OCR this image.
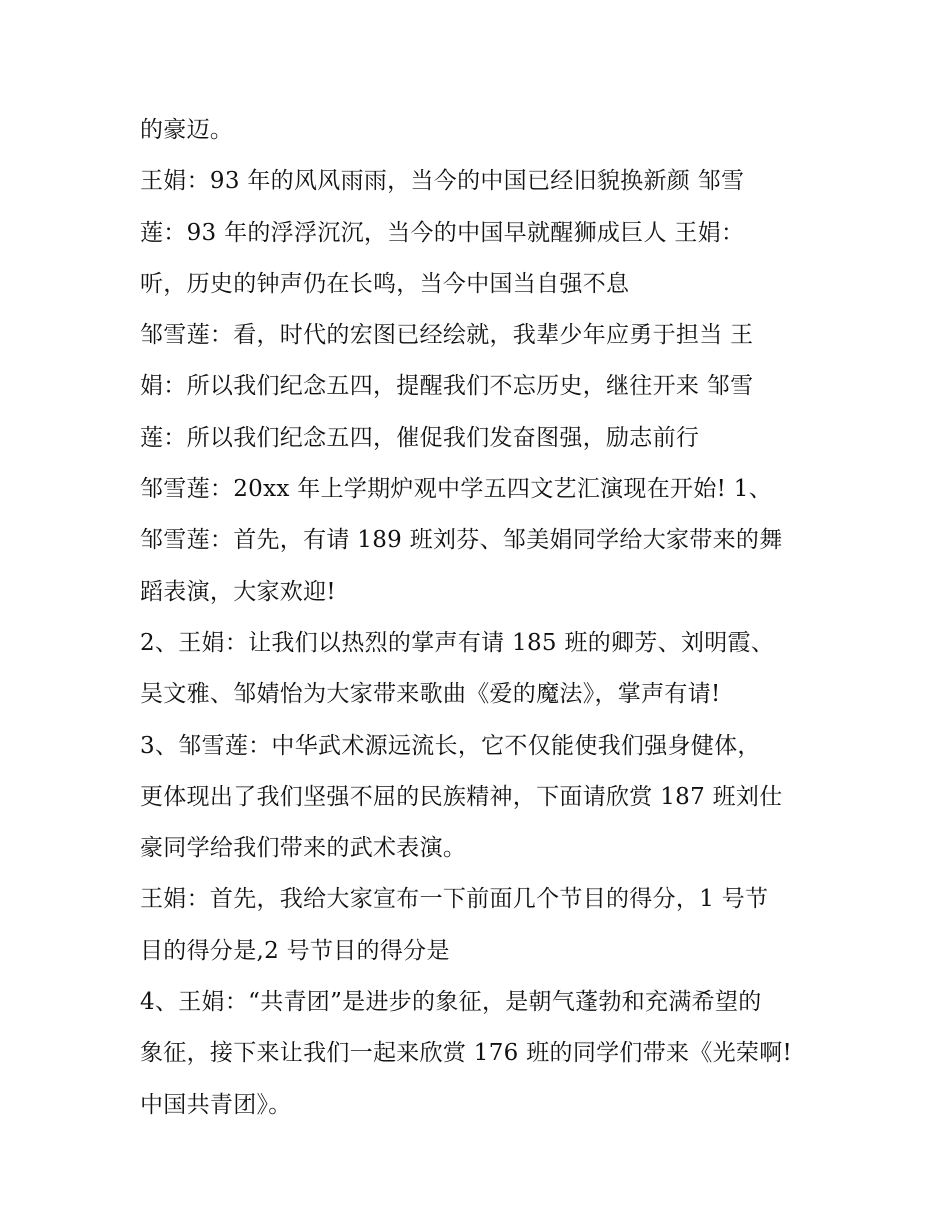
的豪迈。
王娟：93 年的风风雨雨，当今的中国已经旧貌换新颜 邹雪
莲：93 年的浮浮沉沉，当今的中国早就醒狮成巨人 王娟：
听，历史的钟声仍在长鸣，当今中国当自强不息
邹雪莲：看，时代的宏图已经绘就，我辈少年应勇于担当 王
娟：所以我们纪念五四，提醒我们不忘历史，继往开来 邹雪
莲：所以我们纪念五四，催促我们发奋图强，励志前行
邹雪莲：20xx 年上学期炉观中学五四文艺汇演现在开始! 1、
邹雪莲：首先，有请 189 班刘芬、邹美娟同学给大家带来的舞
蹈表演，大家欢迎!
2、王娟：让我们以热烈的掌声有请 185 班的卿芳、刘明霞、
吴文雅、邹婧怡为大家带来歌曲《爱的魔法》，掌声有请!
3、邹雪莲：中华武术源远流长，它不仅能使我们强身健体，
更体现出了我们坚强不屈的民族精神，下面请欣赏 187 班刘仕
豪同学给我们带来的武术表演。
王娟：首先，我给大家宣布一下前面几个节目的得分，1 号节
目的得分是,2 号节目的得分是
4、王娟：“共青团”是进步的象征，是朝气蓬勃和充满希望的
象征，接下来让我们一起来欣赏 176 班的同学们带来《光荣啊!
中国共青团》。
